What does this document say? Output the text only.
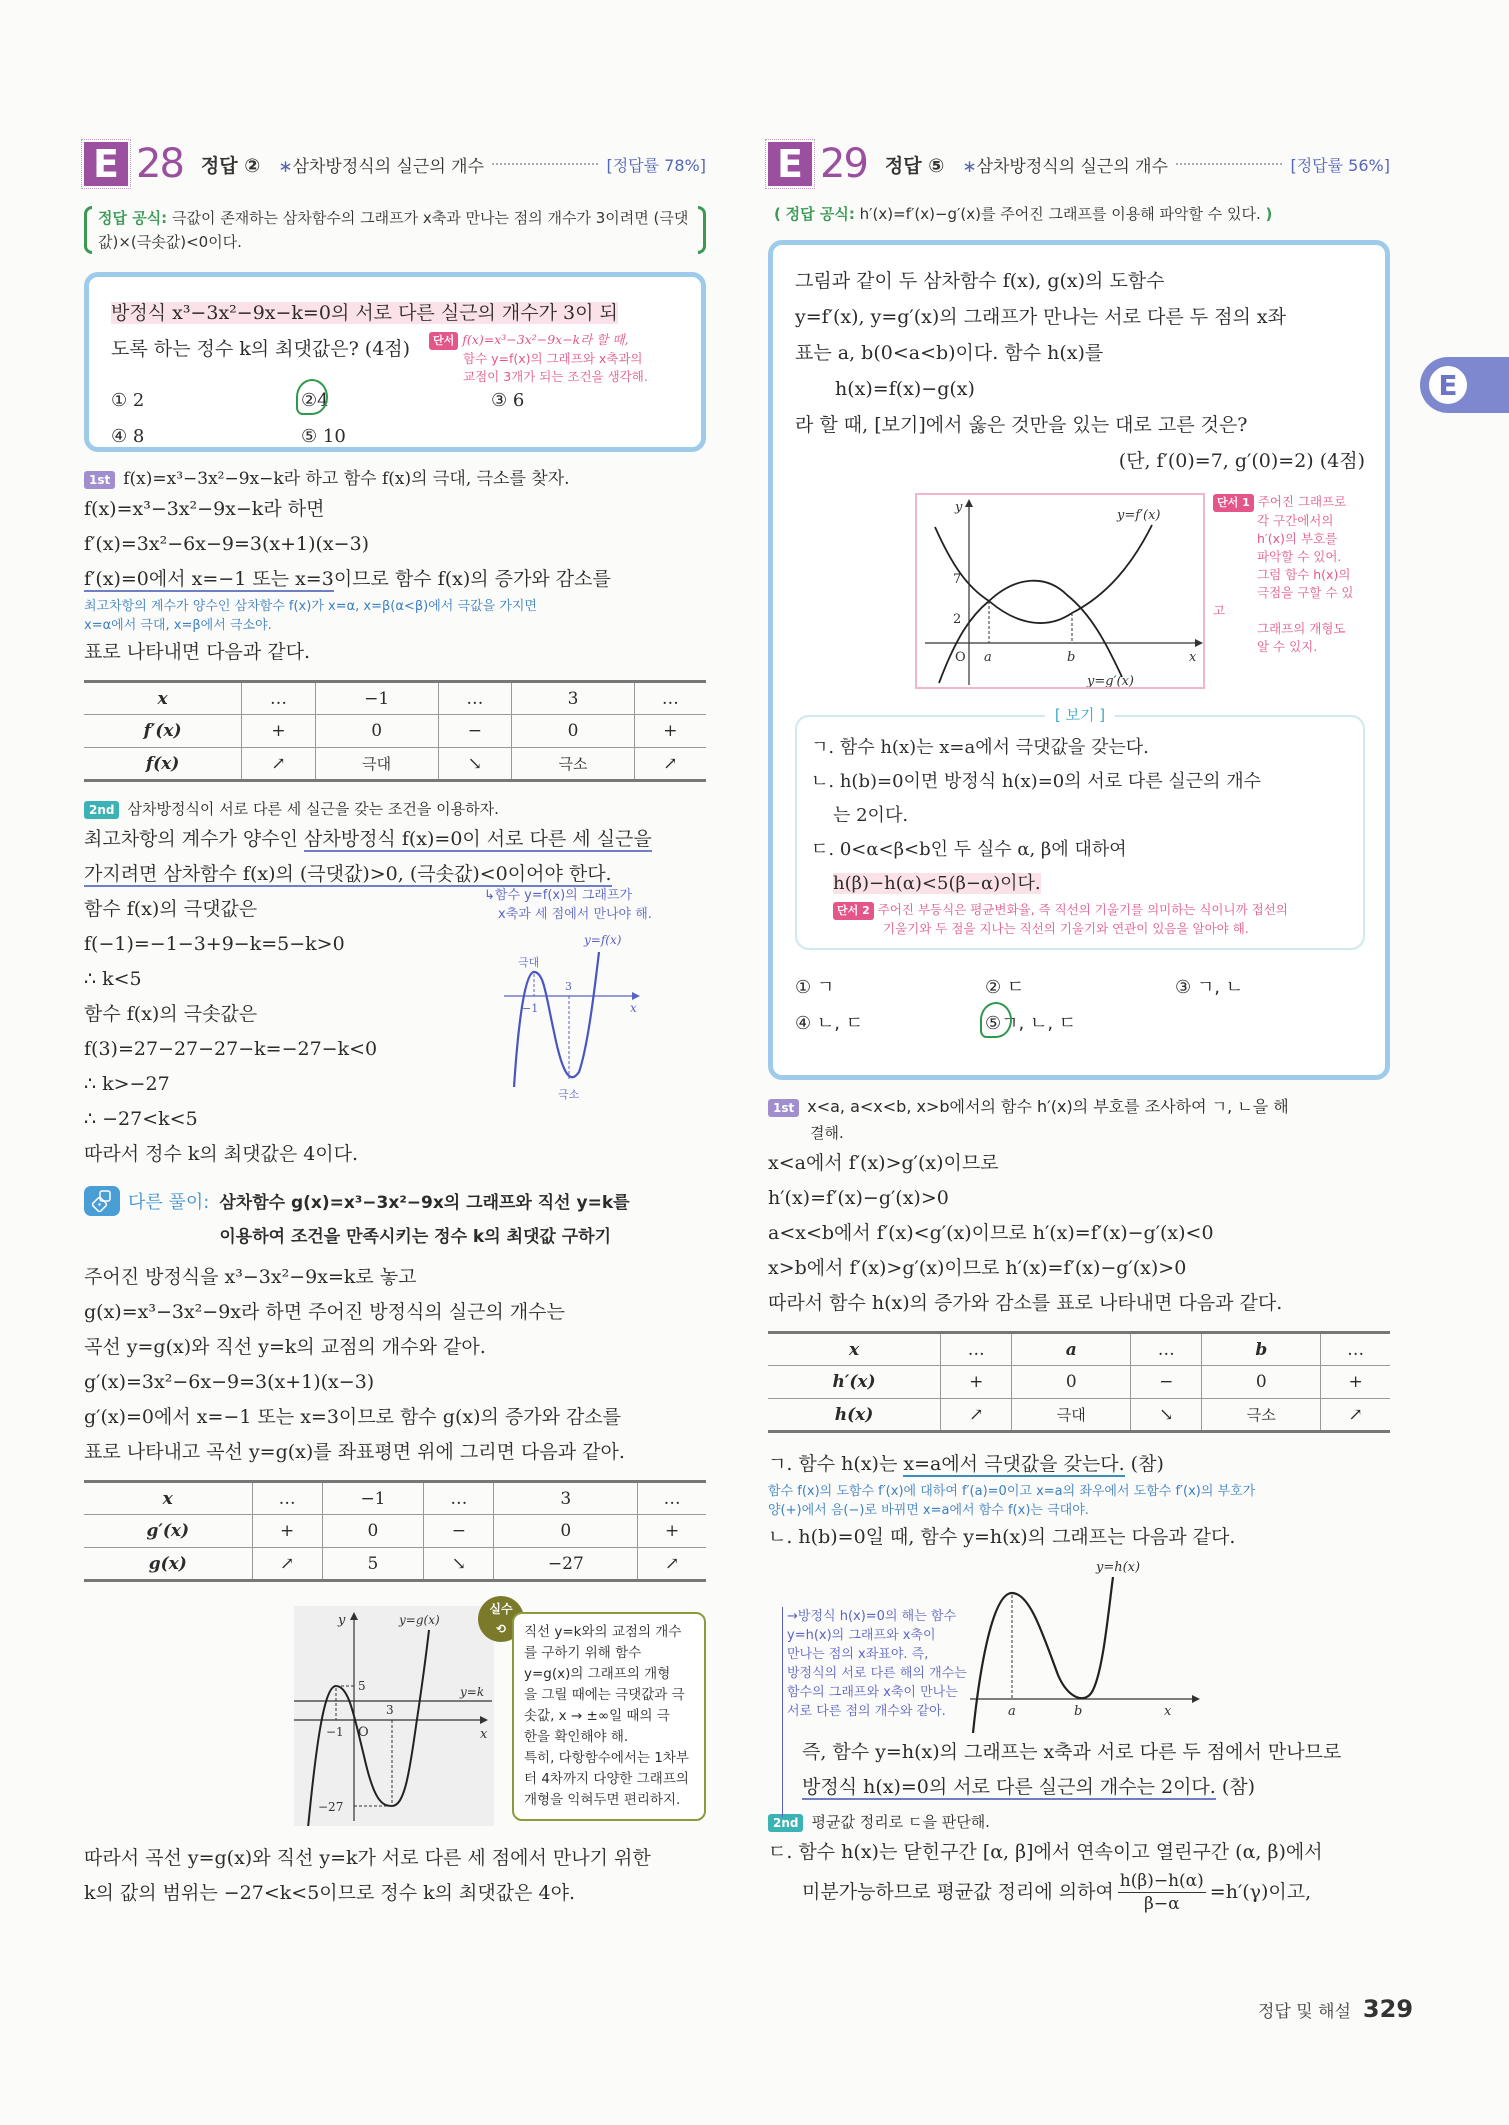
E 28 정답 ② ∗삼차방정식의 실근의 개수	[정답률 78%]
정답 공식: 극값이 존재하는 삼차함수의 그래프가 x축과 만나는 점의 개수가 3이려면 (극댓값)×(극솟값)<0이다.
방정식 x³−3x²−9x−k=0의 서로 다른 실근의 개수가 3이 되
도록 하는 정수 k의 최댓값은? (4점)	단서 f(x)=x³−3x²−9x−k라 할 때,
함수 y=f(x)의 그래프와 x축과의
교점이 3개가 되는 조건을 생각해.
① 2	②4	③ 6
④ 8	⑤ 10
1st f(x)=x³−3x²−9x−k라 하고 함수 f(x)의 극대, 극소를 찾자.
f(x)=x³−3x²−9x−k라 하면
f′(x)=3x²−6x−9=3(x+1)(x−3)
f′(x)=0에서 x=−1 또는 x=3이므로 함수 f(x)의 증가와 감소를
최고차항의 계수가 양수인 삼차함수 f(x)가 x=α, x=β(α<β)에서 극값을 가지면
x=α에서 극대, x=β에서 극소야.
표로 나타내면 다음과 같다.
x	…	−1	…	3	…
f′(x)	+	0	−	0	+
f(x)	↗	극대	↘	극소	↗
2nd 삼차방정식이 서로 다른 세 실근을 갖는 조건을 이용하자.
최고차항의 계수가 양수인 삼차방정식 f(x)=0이 서로 다른 세 실근을
가지려면 삼차함수 f(x)의 (극댓값)>0, (극솟값)<0이어야 한다.
함수 f(x)의 극댓값은
f(−1)=−1−3+9−k=5−k>0
∴ k<5
함수 f(x)의 극솟값은
f(3)=27−27−27−k=−27−k<0
∴ k>−27
∴ −27<k<5
따라서 정수 k의 최댓값은 4이다.
↳함수 y=f(x)의 그래프가
x축과 세 점에서 만나야 해.
y=f(x)
극대
x
−1
3
극소
다른 풀이: 삼차함수 g(x)=x³−3x²−9x의 그래프와 직선 y=k를
이용하여 조건을 만족시키는 정수 k의 최댓값 구하기
주어진 방정식을 x³−3x²−9x=k로 놓고
g(x)=x³−3x²−9x라 하면 주어진 방정식의 실근의 개수는
곡선 y=g(x)와 직선 y=k의 교점의 개수와 같아.
g′(x)=3x²−6x−9=3(x+1)(x−3)
g′(x)=0에서 x=−1 또는 x=3이므로 함수 g(x)의 증가와 감소를
표로 나타내고 곡선 y=g(x)를 좌표평면 위에 그리면 다음과 같아.
x	…	−1	…	3	…
g′(x)	+	0	−	0	+
g(x)	↗	5	↘	−27	↗
y
x
O
y=k
y=g(x)
5
−27
−1
3
실수
⟲	직선 y=k와의 교점의 개수
를 구하기 위해 함수
y=g(x)의 그래프의 개형
을 그릴 때에는 극댓값과 극
솟값, x → ±∞일 때의 극
한을 확인해야 해.
특히, 다항함수에서는 1차부
터 4차까지 다양한 그래프의
개형을 익혀두면 편리하지.
따라서 곡선 y=g(x)와 직선 y=k가 서로 다른 세 점에서 만나기 위한
k의 값의 범위는 −27<k<5이므로 정수 k의 최댓값은 4야.
E 29 정답 ⑤ ∗삼차방정식의 실근의 개수	[정답률 56%]
( 정답 공식: h′(x)=f′(x)−g′(x)를 주어진 그래프를 이용해 파악할 수 있다. )
그림과 같이 두 삼차함수 f(x), g(x)의 도함수
y=f′(x), y=g′(x)의 그래프가 만나는 서로 다른 두 점의 x좌
표는 a, b(0<a<b)이다. 함수 h(x)를
h(x)=f(x)−g(x)
라 할 때, [보기]에서 옳은 것만을 있는 대로 고른 것은?
(단, f′(0)=7, g′(0)=2) (4점)
y
x
O
7
2
a	b
y=f′(x)
y=g′(x)
단서 1 주어진 그래프로
각 구간에서의
h′(x)의 부호를
파악할 수 있어.
그럼 함수 h(x)의
극점을 구할 수 있고
그래프의 개형도
알 수 있지.
[ 보기 ]
ㄱ. 함수 h(x)는 x=a에서 극댓값을 갖는다.
ㄴ. h(b)=0이면 방정식 h(x)=0의 서로 다른 실근의 개수
는 2이다.
ㄷ. 0<α<β<b인 두 실수 α, β에 대하여
h(β)−h(α)<5(β−α)이다.
단서 2 주어진 부등식은 평균변화율, 즉 직선의 기울기를 의미하는 식이니까 접선의
기울기와 두 점을 지나는 직선의 기울기와 연관이 있음을 알아야 해.
① ㄱ	② ㄷ	③ ㄱ, ㄴ
④ ㄴ, ㄷ	⑤ㄱ, ㄴ, ㄷ
1st x<a, a<x<b, x>b에서의 함수 h′(x)의 부호를 조사하여 ㄱ, ㄴ을 해
결해.
x<a에서 f′(x)>g′(x)이므로
h′(x)=f′(x)−g′(x)>0
a<x<b에서 f′(x)<g′(x)이므로 h′(x)=f′(x)−g′(x)<0
x>b에서 f′(x)>g′(x)이므로 h′(x)=f′(x)−g′(x)>0
따라서 함수 h(x)의 증가와 감소를 표로 나타내면 다음과 같다.
x	…	a	…	b	…
h′(x)	+	0	−	0	+
h(x)	↗	극대	↘	극소	↗
ㄱ. 함수 h(x)는 x=a에서 극댓값을 갖는다. (참)
함수 f(x)의 도함수 f′(x)에 대하여 f′(a)=0이고 x=a의 좌우에서 도함수 f′(x)의 부호가
양(+)에서 음(−)로 바뀌면 x=a에서 함수 f(x)는 극대야.
ㄴ. h(b)=0일 때, 함수 y=h(x)의 그래프는 다음과 같다.
y=h(x)
x
a	b
→방정식 h(x)=0의 해는 함수
y=h(x)의 그래프와 x축이
만나는 점의 x좌표야. 즉,
방정식의 서로 다른 해의 개수는
함수의 그래프와 x축이 만나는
서로 다른 점의 개수와 같아.
즉, 함수 y=h(x)의 그래프는 x축과 서로 다른 두 점에서 만나므로
방정식 h(x)=0의 서로 다른 실근의 개수는 2이다. (참)
2nd 평균값 정리로 ㄷ을 판단해.
ㄷ. 함수 h(x)는 닫힌구간 [α, β]에서 연속이고 열린구간 (α, β)에서
미분가능하므로 평균값 정리에 의하여 $\frac{h(\beta)-h(\alpha)}{\beta-\alpha} =h'(\gamma)$이고,
E
정답 및 해설 329
